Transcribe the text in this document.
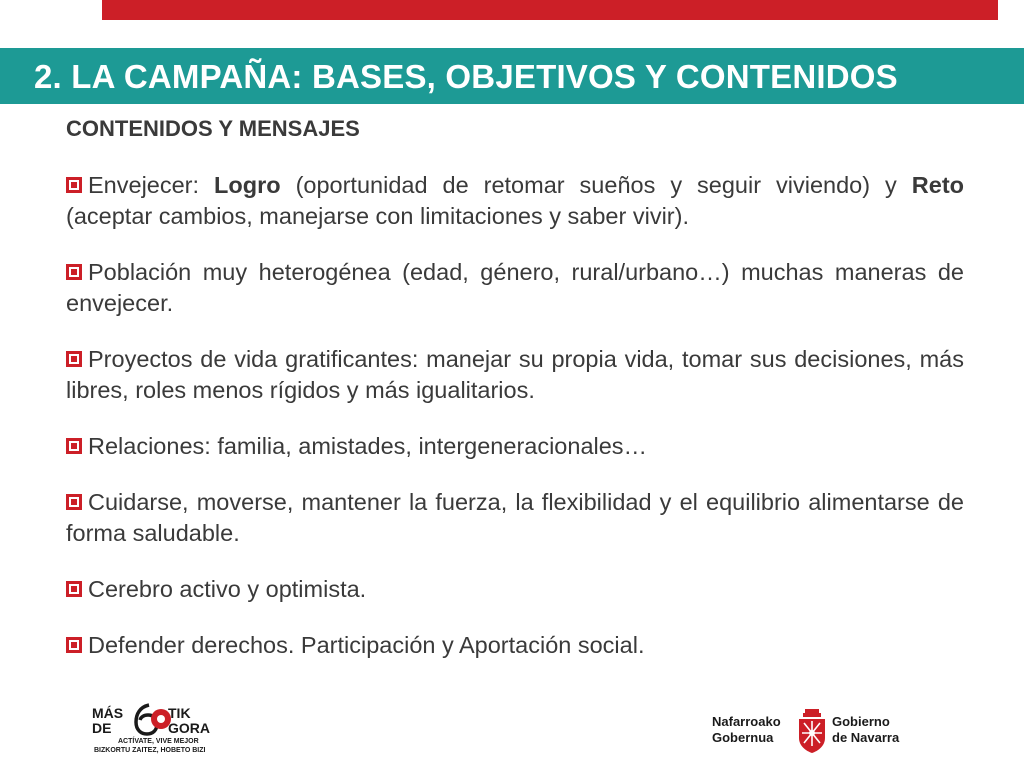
2. LA CAMPAÑA: BASES, OBJETIVOS Y CONTENIDOS
CONTENIDOS Y MENSAJES

Envejecer: Logro (oportunidad de retomar sueños y seguir viviendo) y Reto (aceptar cambios, manejarse con limitaciones y saber vivir).

Población muy heterogénea (edad, género, rural/urbano…) muchas maneras de envejecer.

Proyectos de vida gratificantes: manejar su propia vida, tomar sus decisiones, más libres, roles menos rígidos y más igualitarios.

Relaciones: familia, amistades, intergeneracionales…

Cuidarse, moverse, mantener la fuerza, la flexibilidad y el equilibrio alimentarse de forma saludable.

Cerebro activo y optimista.

Defender derechos. Participación y Aportación social.

MÁS
DE
TIK
GORA
ACTÍVATE, VIVE MEJOR
BIZKORTU ZAITEZ, HOBETO BIZI
Nafarroako
Gobernua
Gobierno
de Navarra
